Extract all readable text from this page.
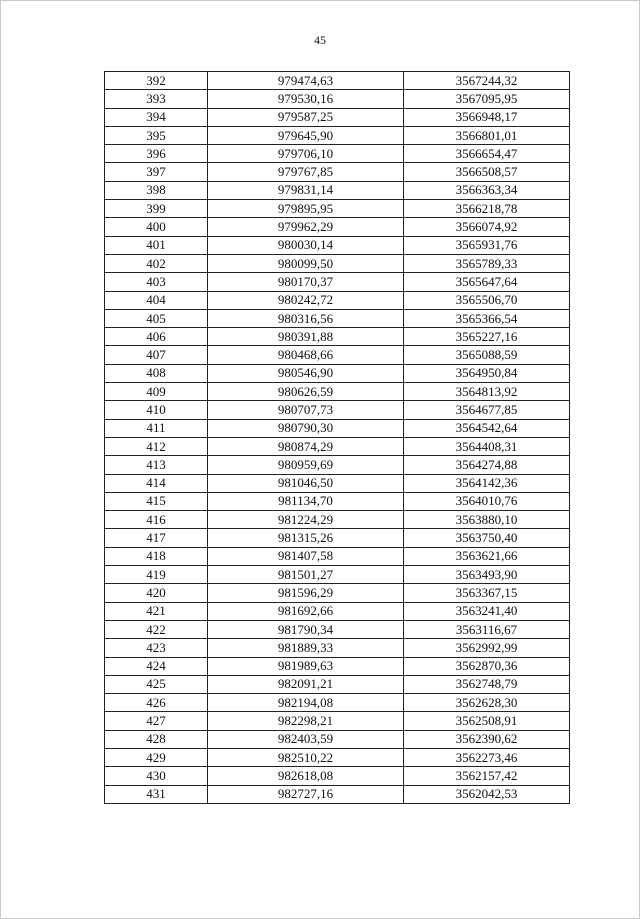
45
392	979474,63	3567244,32
393	979530,16	3567095,95
394	979587,25	3566948,17
395	979645,90	3566801,01
396	979706,10	3566654,47
397	979767,85	3566508,57
398	979831,14	3566363,34
399	979895,95	3566218,78
400	979962,29	3566074,92
401	980030,14	3565931,76
402	980099,50	3565789,33
403	980170,37	3565647,64
404	980242,72	3565506,70
405	980316,56	3565366,54
406	980391,88	3565227,16
407	980468,66	3565088,59
408	980546,90	3564950,84
409	980626,59	3564813,92
410	980707,73	3564677,85
411	980790,30	3564542,64
412	980874,29	3564408,31
413	980959,69	3564274,88
414	981046,50	3564142,36
415	981134,70	3564010,76
416	981224,29	3563880,10
417	981315,26	3563750,40
418	981407,58	3563621,66
419	981501,27	3563493,90
420	981596,29	3563367,15
421	981692,66	3563241,40
422	981790,34	3563116,67
423	981889,33	3562992,99
424	981989,63	3562870,36
425	982091,21	3562748,79
426	982194,08	3562628,30
427	982298,21	3562508,91
428	982403,59	3562390,62
429	982510,22	3562273,46
430	982618,08	3562157,42
431	982727,16	3562042,53
